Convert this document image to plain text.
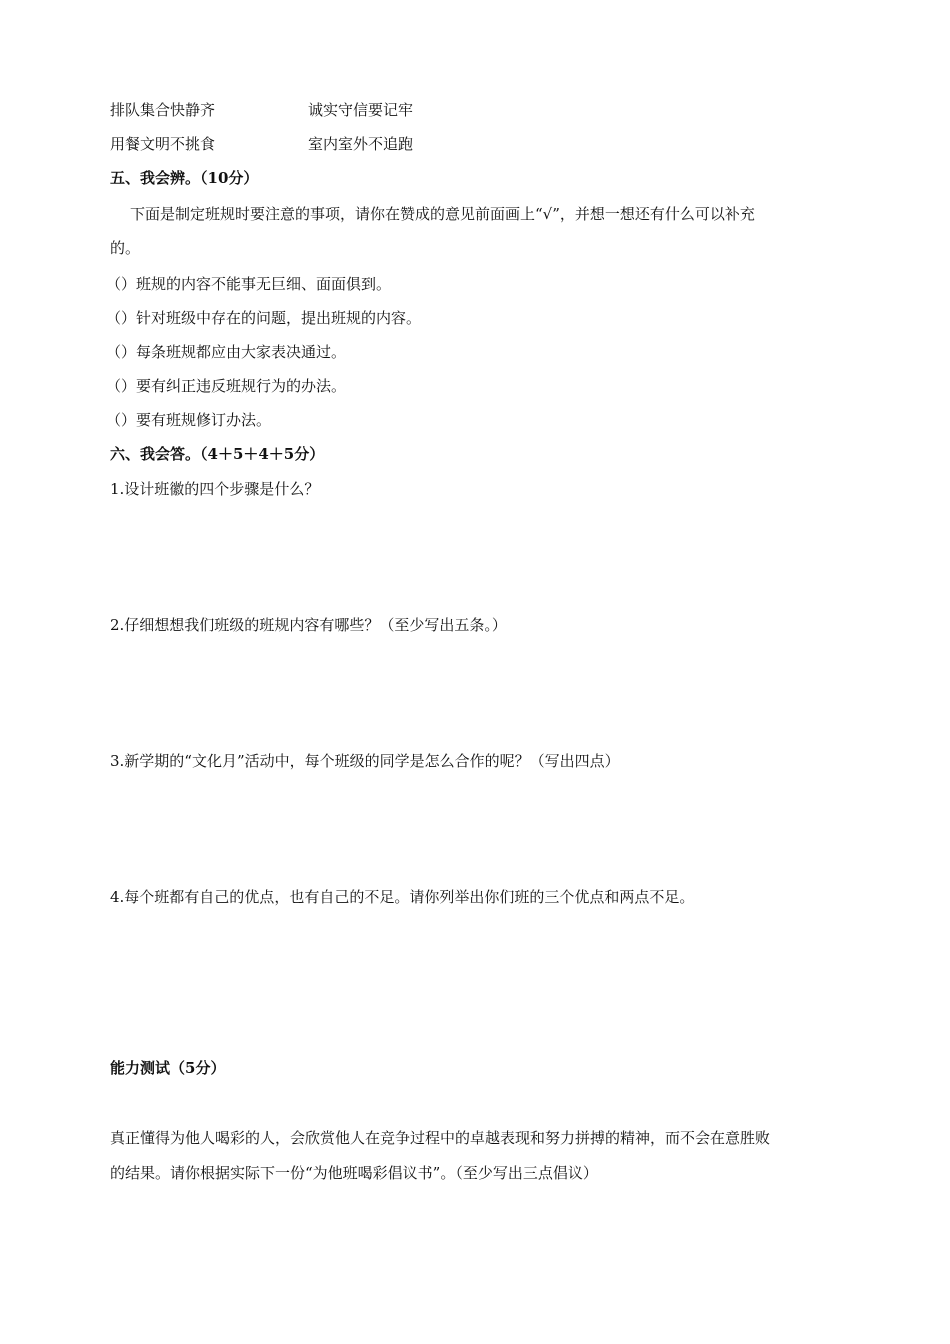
排队集合快静齐	诚实守信要记牢
用餐文明不挑食	室内室外不追跑
五、我会辨。（10分）
下面是制定班规时要注意的事项，请你在赞成的意见前面画上“√”，并想一想还有什么可以补充
的。
（）班规的内容不能事无巨细、面面俱到。
（）针对班级中存在的问题，提出班规的内容。
（）每条班规都应由大家表决通过。
（）要有纠正违反班规行为的办法。
（）要有班规修订办法。
六、我会答。（4＋5＋4＋5分）
1.设计班徽的四个步骤是什么？
2.仔细想想我们班级的班规内容有哪些？（至少写出五条。）
3.新学期的“文化月”活动中，每个班级的同学是怎么合作的呢？（写出四点）
4.每个班都有自己的优点，也有自己的不足。请你列举出你们班的三个优点和两点不足。
能力测试（5分）
真正懂得为他人喝彩的人，会欣赏他人在竞争过程中的卓越表现和努力拼搏的精神，而不会在意胜败
的结果。请你根据实际下一份“为他班喝彩倡议书”。（至少写出三点倡议）
